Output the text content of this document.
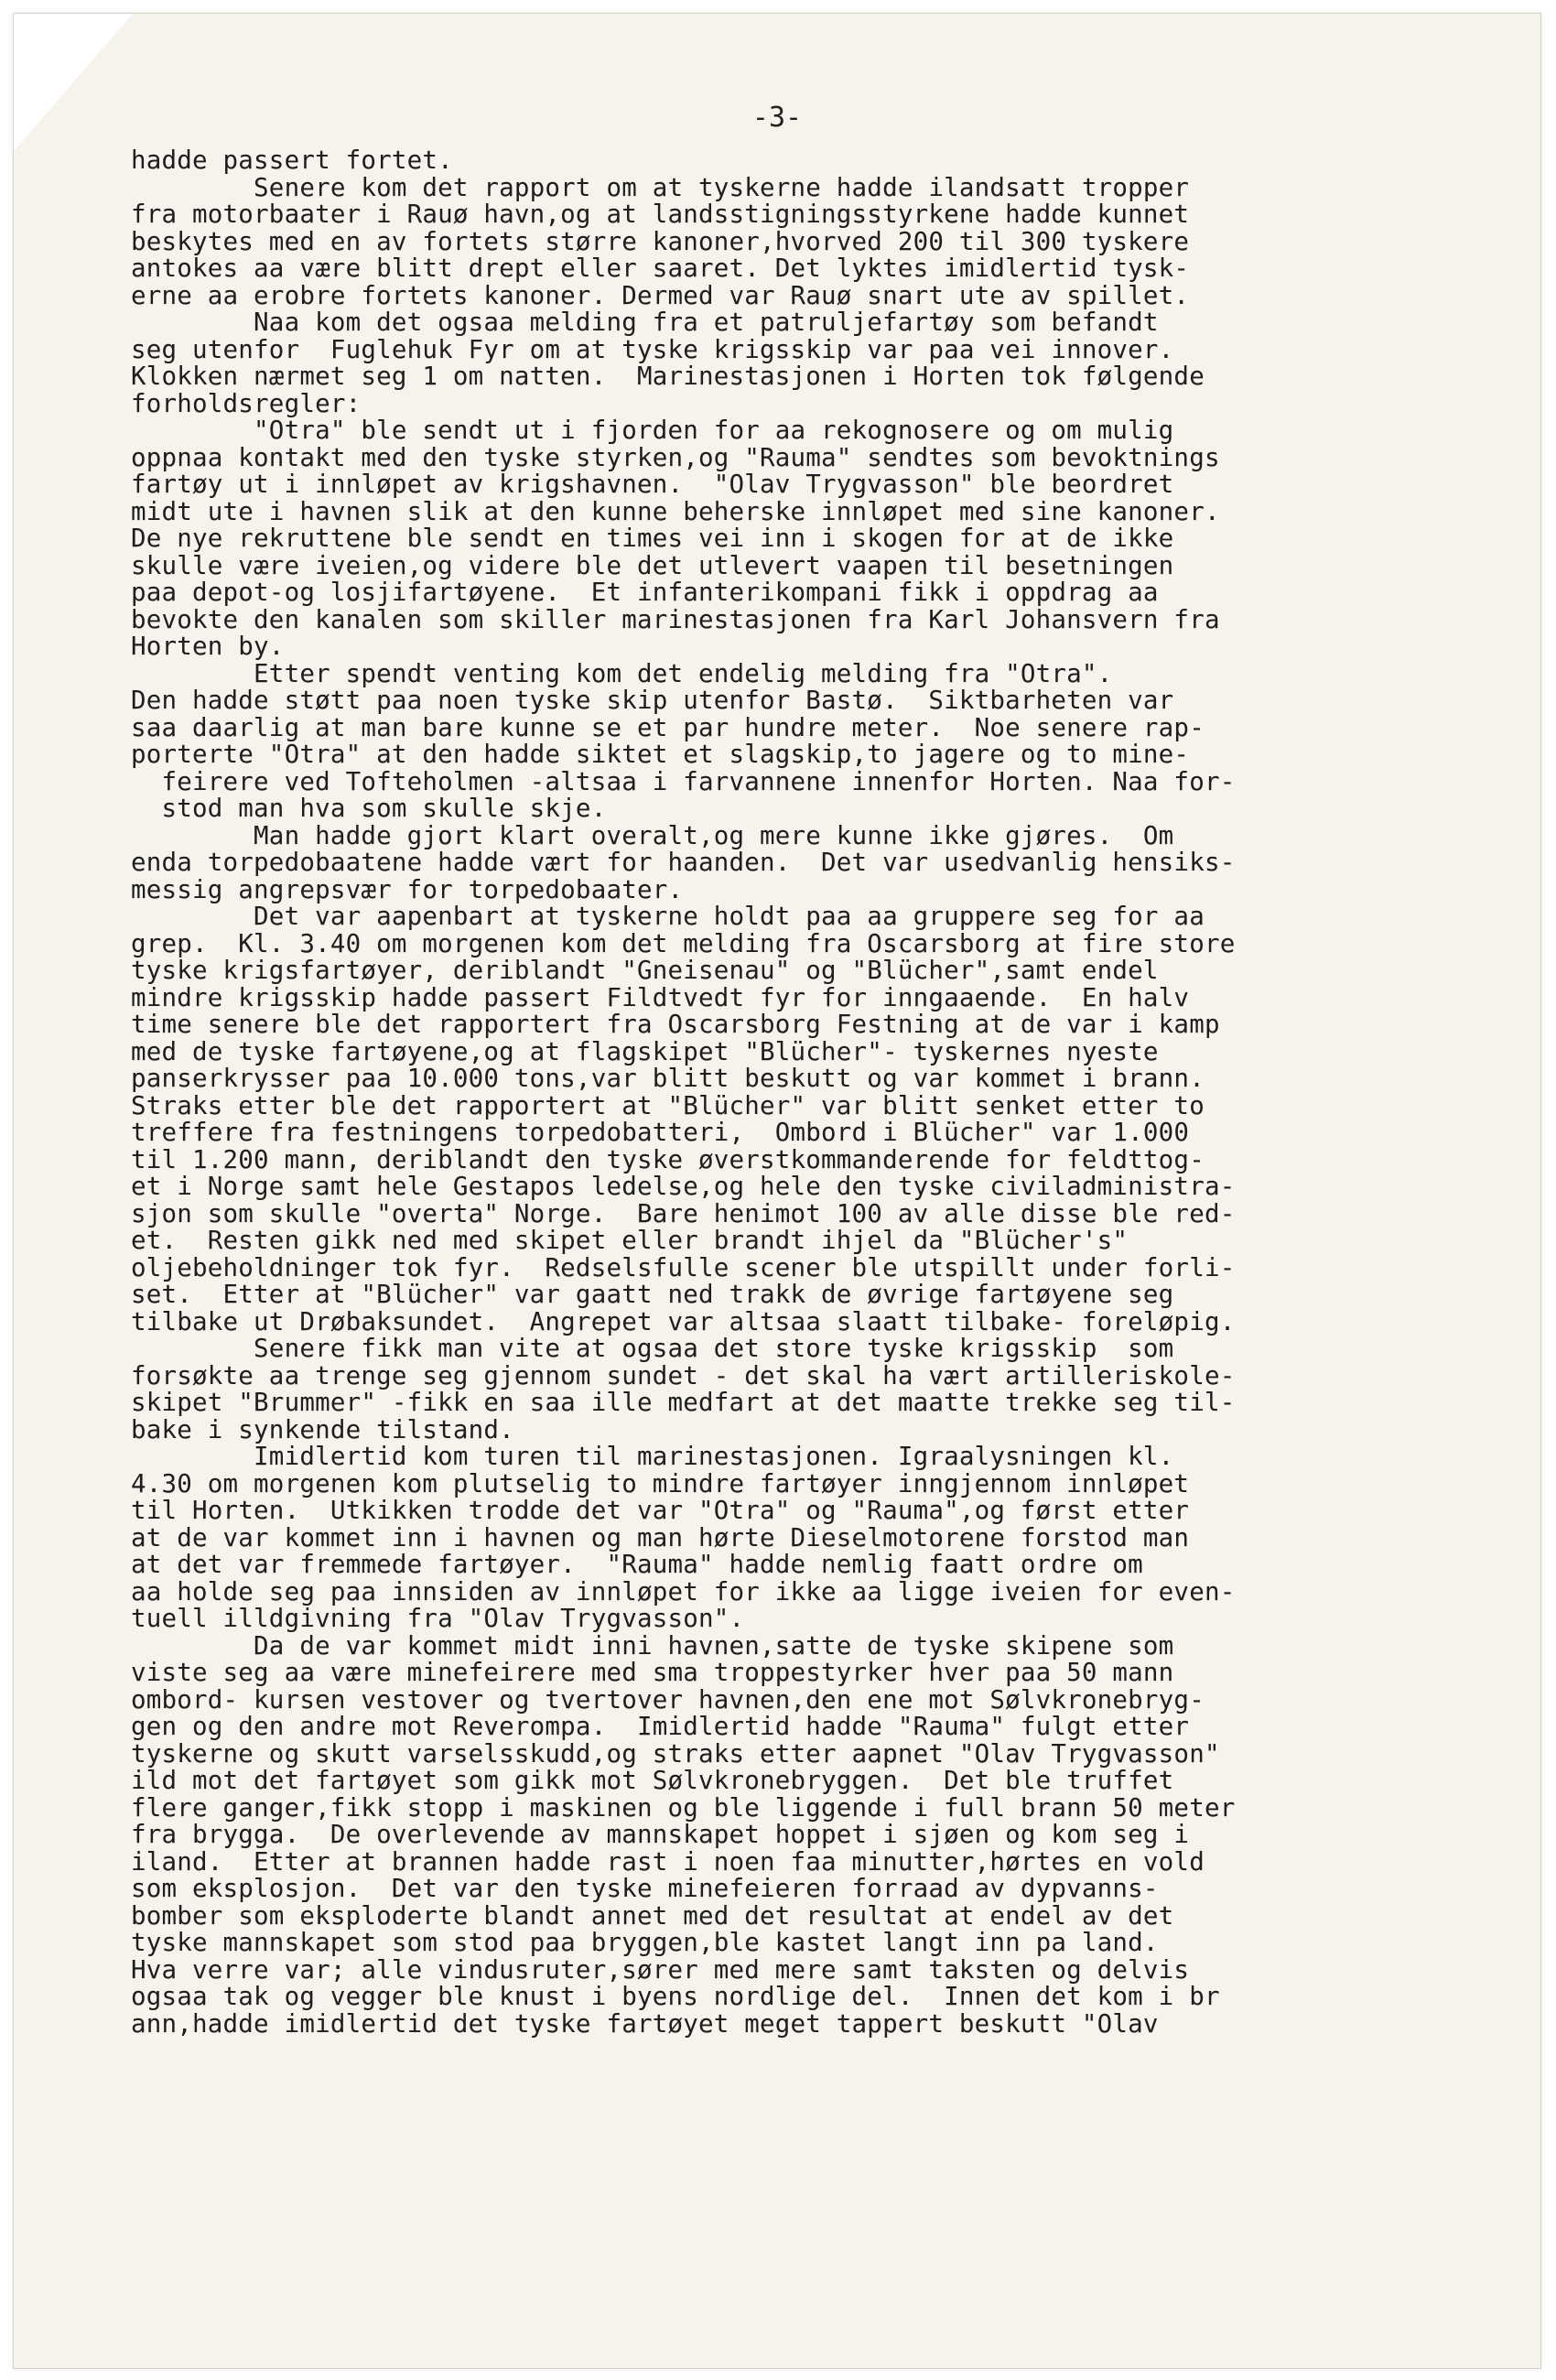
-3-
hadde passert fortet.
Senere kom det rapport om at tyskerne hadde ilandsatt tropper
fra motorbaater i Rauø havn,og at landsstigningsstyrkene hadde kunnet
beskytes med en av fortets større kanoner,hvorved 200 til 300 tyskere
antokes aa være blitt drept eller saaret. Det lyktes imidlertid tysk-
erne aa erobre fortets kanoner. Dermed var Rauø snart ute av spillet.
Naa kom det ogsaa melding fra et patruljefartøy som befandt
seg utenfor  Fuglehuk Fyr om at tyske krigsskip var paa vei innover.
Klokken nærmet seg 1 om natten.  Marinestasjonen i Horten tok følgende
forholdsregler:
"Otra" ble sendt ut i fjorden for aa rekognosere og om mulig
oppnaa kontakt med den tyske styrken,og "Rauma" sendtes som bevoktnings
fartøy ut i innløpet av krigshavnen.  "Olav Trygvasson" ble beordret
midt ute i havnen slik at den kunne beherske innløpet med sine kanoner.
De nye rekruttene ble sendt en times vei inn i skogen for at de ikke
skulle være iveien,og videre ble det utlevert vaapen til besetningen
paa depot-og losjifartøyene.  Et infanterikompani fikk i oppdrag aa
bevokte den kanalen som skiller marinestasjonen fra Karl Johansvern fra
Horten by.
Etter spendt venting kom det endelig melding fra "Otra".
Den hadde støtt paa noen tyske skip utenfor Bastø.  Siktbarheten var
saa daarlig at man bare kunne se et par hundre meter.  Noe senere rap-
porterte "Otra" at den hadde siktet et slagskip,to jagere og to mine-
feirere ved Tofteholmen -altsaa i farvannene innenfor Horten. Naa for-
stod man hva som skulle skje.
Man hadde gjort klart overalt,og mere kunne ikke gjøres.  Om
enda torpedobaatene hadde vært for haanden.  Det var usedvanlig hensiks-
messig angrepsvær for torpedobaater.
Det var aapenbart at tyskerne holdt paa aa gruppere seg for aa
grep.  Kl. 3.40 om morgenen kom det melding fra Oscarsborg at fire store
tyske krigsfartøyer, deriblandt "Gneisenau" og "Blücher",samt endel
mindre krigsskip hadde passert Fildtvedt fyr for inngaaende.  En halv
time senere ble det rapportert fra Oscarsborg Festning at de var i kamp
med de tyske fartøyene,og at flagskipet "Blücher"- tyskernes nyeste
panserkrysser paa 10.000 tons,var blitt beskutt og var kommet i brann.
Straks etter ble det rapportert at "Blücher" var blitt senket etter to
treffere fra festningens torpedobatteri,  Ombord i Blücher" var 1.000
til 1.200 mann, deriblandt den tyske øverstkommanderende for feldttog-
et i Norge samt hele Gestapos ledelse,og hele den tyske civiladministra-
sjon som skulle "overta" Norge.  Bare henimot 100 av alle disse ble red-
et.  Resten gikk ned med skipet eller brandt ihjel da "Blücher's"
oljebeholdninger tok fyr.  Redselsfulle scener ble utspillt under forli-
set.  Etter at "Blücher" var gaatt ned trakk de øvrige fartøyene seg
tilbake ut Drøbaksundet.  Angrepet var altsaa slaatt tilbake- foreløpig.
Senere fikk man vite at ogsaa det store tyske krigsskip  som
forsøkte aa trenge seg gjennom sundet - det skal ha vært artilleriskole-
skipet "Brummer" -fikk en saa ille medfart at det maatte trekke seg til-
bake i synkende tilstand.
Imidlertid kom turen til marinestasjonen. Igraalysningen kl.
4.30 om morgenen kom plutselig to mindre fartøyer inngjennom innløpet
til Horten.  Utkikken trodde det var "Otra" og "Rauma",og først etter
at de var kommet inn i havnen og man hørte Dieselmotorene forstod man
at det var fremmede fartøyer.  "Rauma" hadde nemlig faatt ordre om
aa holde seg paa innsiden av innløpet for ikke aa ligge iveien for even-
tuell illdgivning fra "Olav Trygvasson".
Da de var kommet midt inni havnen,satte de tyske skipene som
viste seg aa være minefeirere med sma troppestyrker hver paa 50 mann
ombord- kursen vestover og tvertover havnen,den ene mot Sølvkronebryg-
gen og den andre mot Reverompa.  Imidlertid hadde "Rauma" fulgt etter
tyskerne og skutt varselsskudd,og straks etter aapnet "Olav Trygvasson"
ild mot det fartøyet som gikk mot Sølvkronebryggen.  Det ble truffet
flere ganger,fikk stopp i maskinen og ble liggende i full brann 50 meter
fra brygga.  De overlevende av mannskapet hoppet i sjøen og kom seg i
iland.  Etter at brannen hadde rast i noen faa minutter,hørtes en vold
som eksplosjon.  Det var den tyske minefeieren forraad av dypvanns-
bomber som eksploderte blandt annet med det resultat at endel av det
tyske mannskapet som stod paa bryggen,ble kastet langt inn pa land.
Hva verre var; alle vindusruter,sører med mere samt taksten og delvis
ogsaa tak og vegger ble knust i byens nordlige del.  Innen det kom i br
ann,hadde imidlertid det tyske fartøyet meget tappert beskutt "Olav
